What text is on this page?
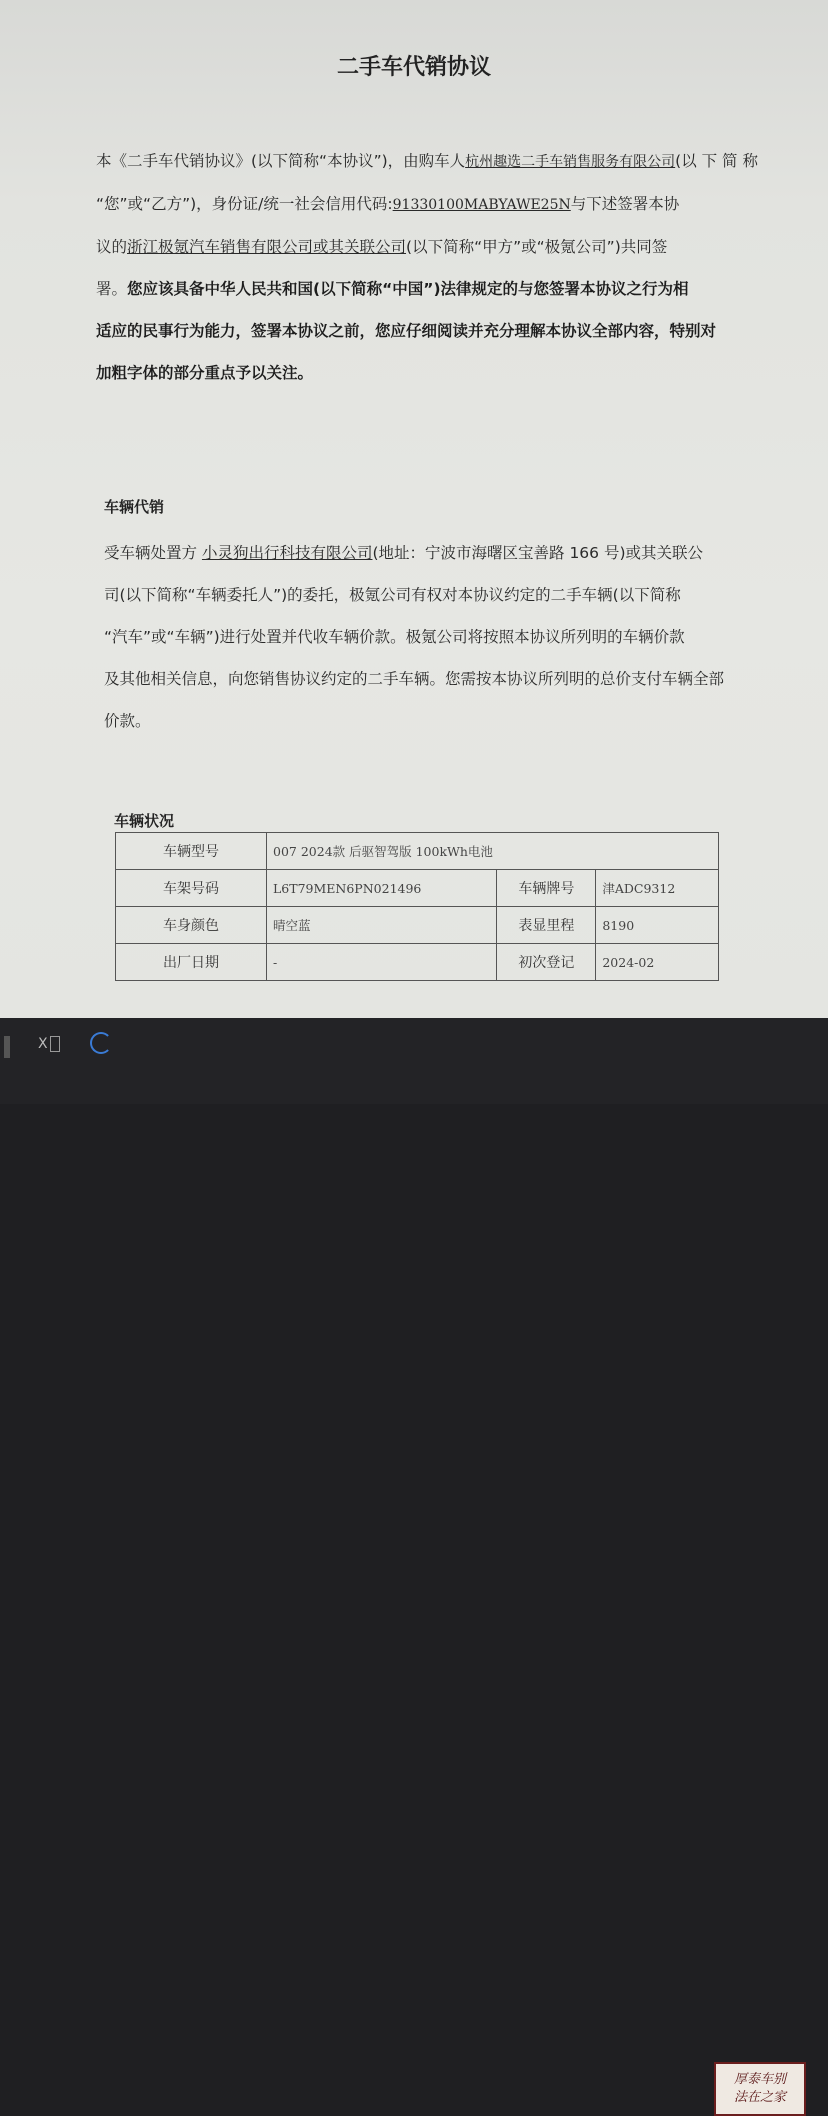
二手车代销协议
本《二手车代销协议》(以下简称“本协议”)，由购车人杭州趣选二手车销售服务有限公司(以 下 简 称
“您”或“乙方”)，身份证/统一社会信用代码:91330100MABYAWE25N与下述签署本协
议的浙江极氪汽车销售有限公司或其关联公司(以下简称“甲方”或“极氪公司”)共同签
署。您应该具备中华人民共和国(以下简称“中国”)法律规定的与您签署本协议之行为相
适应的民事行为能力，签署本协议之前，您应仔细阅读并充分理解本协议全部内容，特别对
加粗字体的部分重点予以关注。
车辆代销
受车辆处置方 小灵狗出行科技有限公司(地址：宁波市海曙区宝善路 166 号)或其关联公
司(以下简称“车辆委托人”)的委托，极氪公司有权对本协议约定的二手车辆(以下简称
“汽车”或“车辆”)进行处置并代收车辆价款。极氪公司将按照本协议所列明的车辆价款
及其他相关信息，向您销售协议约定的二手车辆。您需按本协议所列明的总价支付车辆全部
价款。
车辆状况
车辆型号	007 2024款 后驱智驾版 100kWh电池		
车架号码	L6T79MEN6PN021496	车辆牌号	津ADC9312
车身颜色	晴空蓝	表显里程	8190
出厂日期	-	初次登记	2024-02
X
厚泰车别
法在之家
